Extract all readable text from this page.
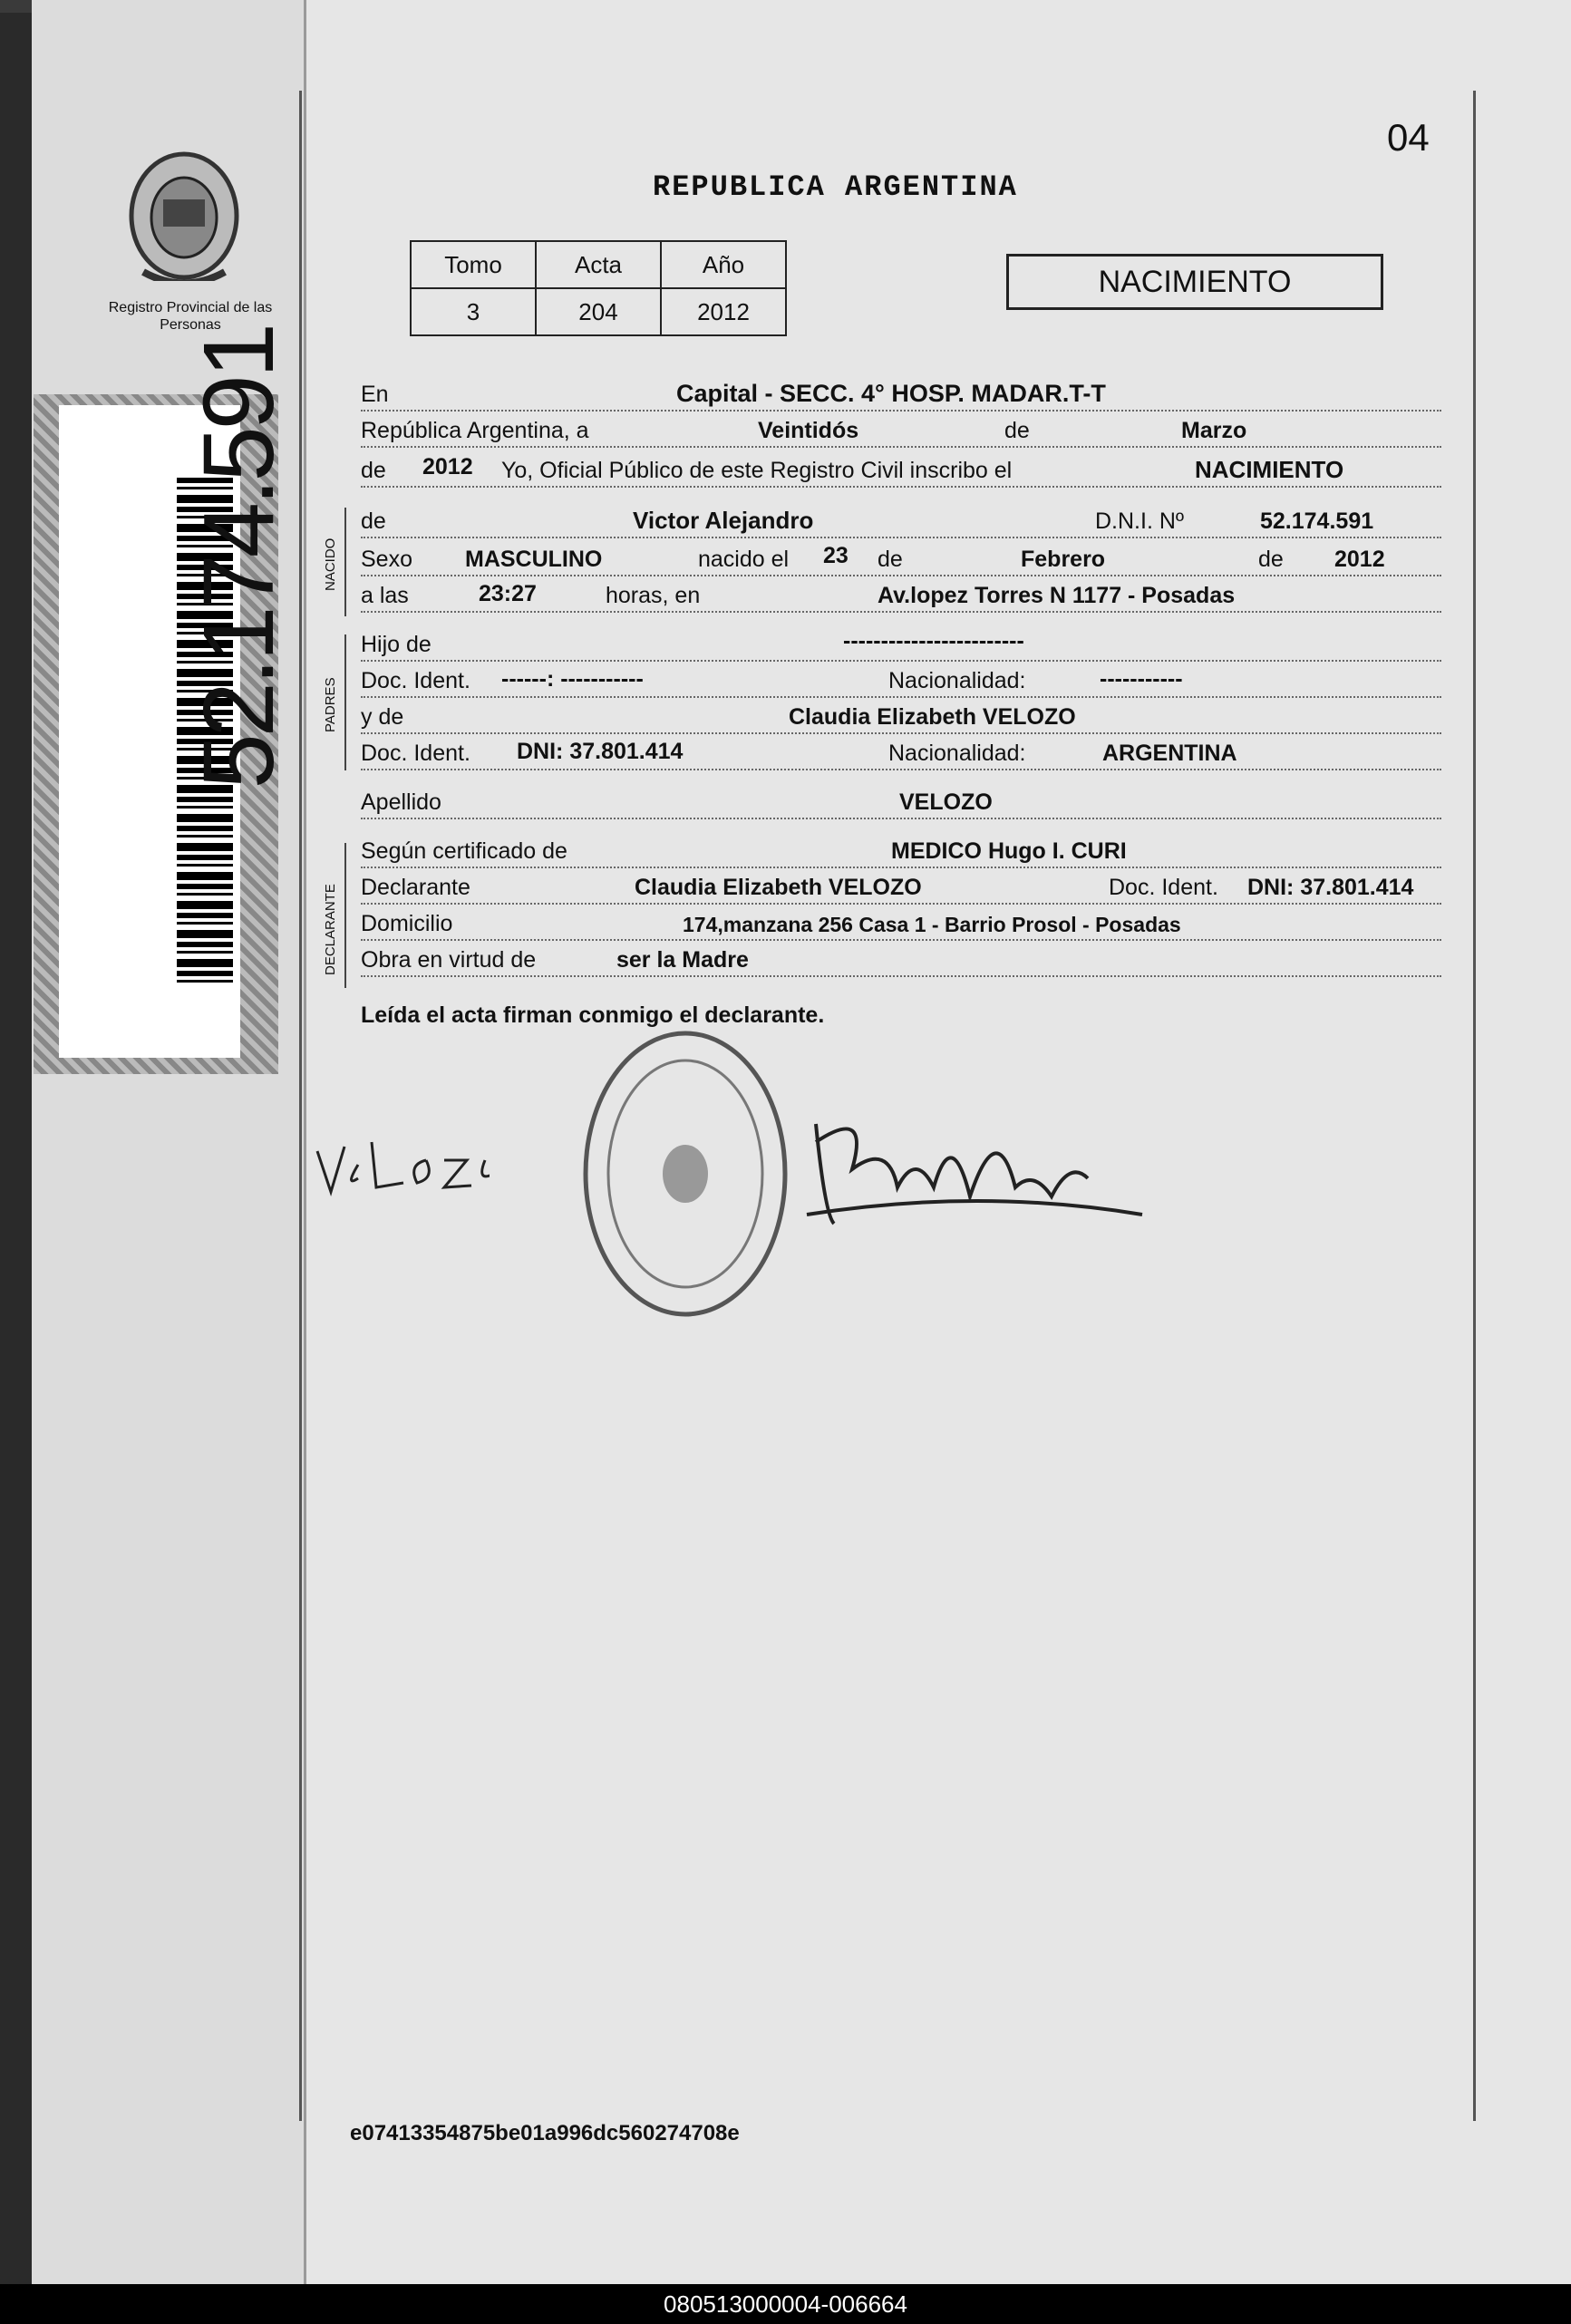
Registro Provincial de las Personas
52.174.591
04
REPUBLICA ARGENTINA
Tomo	Acta	Año
3	204	2012
NACIMIENTO
En	Capital - SECC. 4° HOSP. MADAR.T-T
República Argentina, a	Veintidós	de	Marzo
de 2012 Yo, Oficial Público de este Registro Civil inscribo el	NACIMIENTO
NACIDO
de	Victor Alejandro	D.N.I. Nº	52.174.591
Sexo MASCULINO	nacido el 23 de	Febrero	de 2012
a las	23:27	horas, en	Av.lopez Torres N 1177 - Posadas
PADRES
Hijo de	------------------------
Doc. Ident. ------: -----------	Nacionalidad:	-----------
y de	Claudia Elizabeth VELOZO
Doc. Ident. DNI: 37.801.414	Nacionalidad:	ARGENTINA
Apellido	VELOZO
DECLARANTE
Según certificado de	MEDICO Hugo I. CURI
Declarante	Claudia Elizabeth VELOZO	Doc. Ident. DNI: 37.801.414
Domicilio	174,manzana 256 Casa 1 - Barrio Prosol - Posadas
Obra en virtud de	ser la Madre
Leída el acta firman conmigo el declarante.
e07413354875be01a996dc560274708e
080513000004-006664
